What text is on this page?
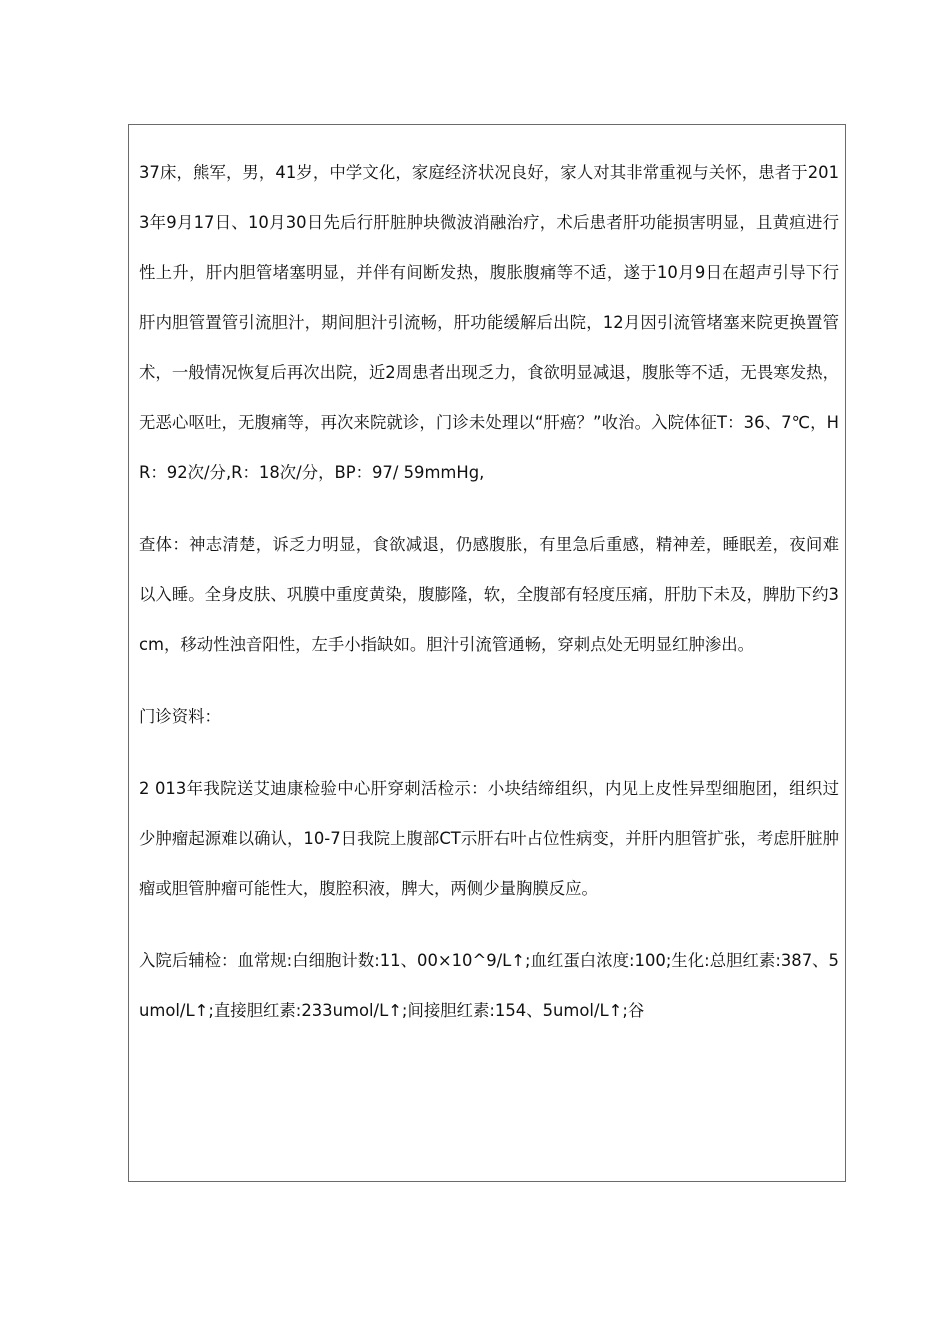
37床，熊军，男，41岁，中学文化，家庭经济状况良好，家人对其非常重视与关怀，患者于2013年9月17日、10月30日先后行肝脏肿块微波消融治疗，术后患者肝功能损害明显，且黄疸进行性上升，肝内胆管堵塞明显，并伴有间断发热，腹胀腹痛等不适，遂于10月9日在超声引导下行肝内胆管置管引流胆汁，期间胆汁引流畅，肝功能缓解后出院，12月因引流管堵塞来院更换置管术，一般情况恢复后再次出院，近2周患者出现乏力，食欲明显减退，腹胀等不适，无畏寒发热，无恶心呕吐，无腹痛等，再次来院就诊，门诊未处理以“肝癌？”收治。入院体征T：36、7℃，HR：92次/分,R：18次/分，BP：97/ 59mmHg,

查体：神志清楚，诉乏力明显，食欲减退，仍感腹胀，有里急后重感，精神差，睡眠差，夜间难以入睡。全身皮肤、巩膜中重度黄染，腹膨隆，软，全腹部有轻度压痛，肝肋下未及，脾肋下约3cm，移动性浊音阳性，左手小指缺如。胆汁引流管通畅，穿刺点处无明显红肿渗出。

门诊资料：

2 013年我院送艾迪康检验中心肝穿刺活检示：小块结缔组织，内见上皮性异型细胞团，组织过少肿瘤起源难以确认，10-7日我院上腹部CT示肝右叶占位性病变，并肝内胆管扩张，考虑肝脏肿瘤或胆管肿瘤可能性大，腹腔积液，脾大，两侧少量胸膜反应。

入院后辅检：血常规:白细胞计数:11、00×10^9/L↑;血红蛋白浓度:100;生化:总胆红素:387、5umol/L↑;直接胆红素:233umol/L↑;间接胆红素:154、5umol/L↑;谷
